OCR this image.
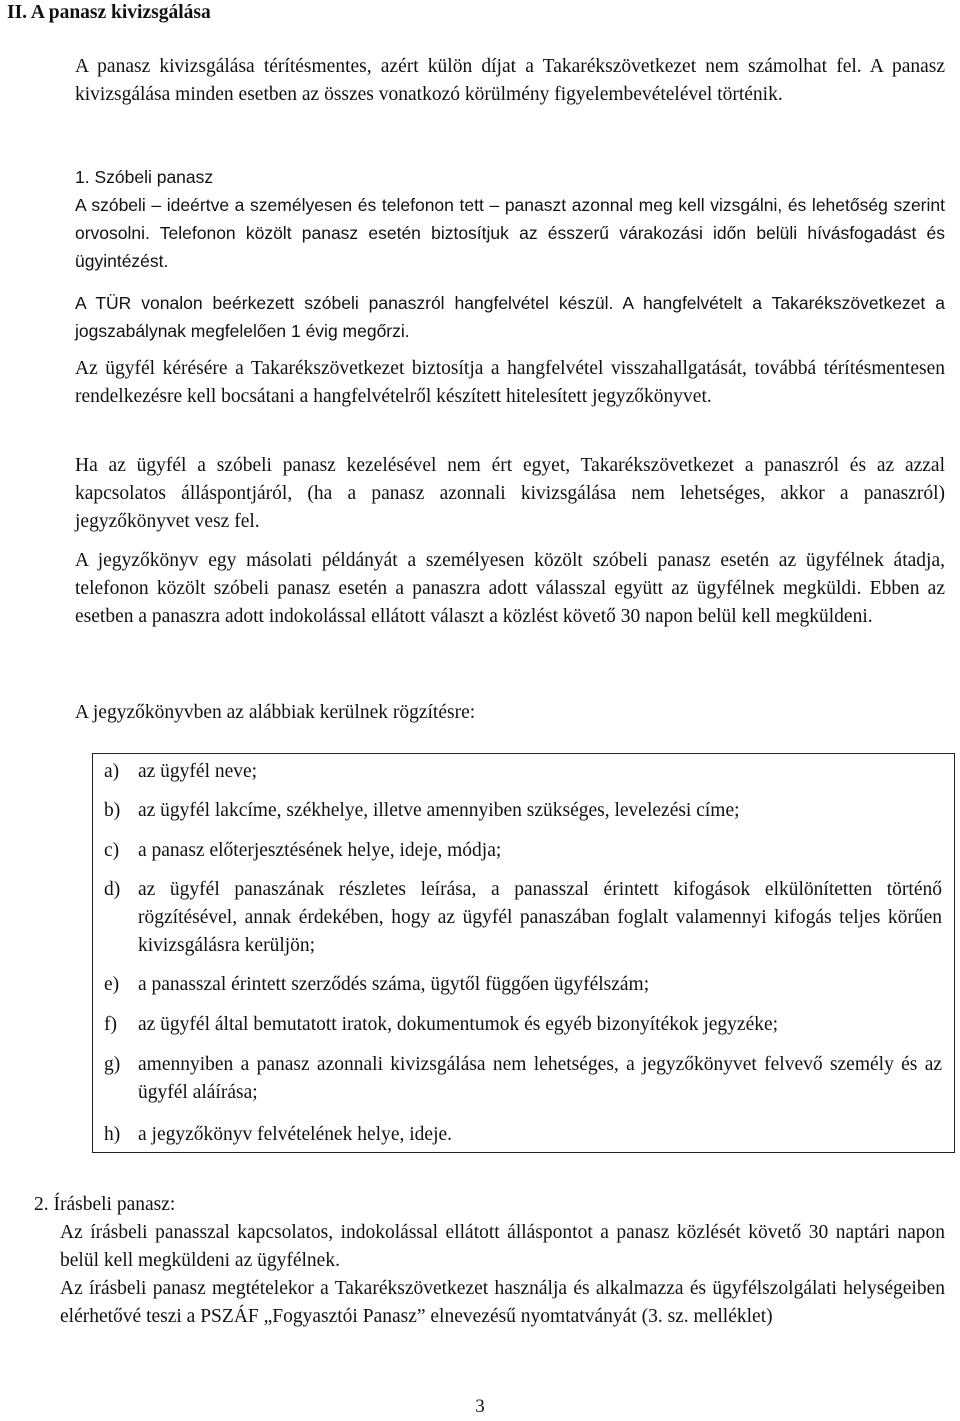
II. A panasz kivizsgálása

A panasz kivizsgálása térítésmentes, azért külön díjat a Takarékszövetkezet nem számolhat fel. A panasz kivizsgálása minden esetben az összes vonatkozó körülmény figyelembevételével történik.

1. Szóbeli panasz

A szóbeli – ideértve a személyesen és telefonon tett – panaszt azonnal meg kell vizsgálni, és lehetőség szerint orvosolni. Telefonon közölt panasz esetén biztosítjuk az ésszerű várakozási időn belüli hívásfogadást és ügyintézést.

A TÜR vonalon beérkezett szóbeli panaszról hangfelvétel készül. A hangfelvételt a Takarékszövetkezet a jogszabálynak megfelelően 1 évig megőrzi.

Az ügyfél kérésére a Takarékszövetkezet biztosítja a hangfelvétel visszahallgatását, továbbá térítésmentesen rendelkezésre kell bocsátani a hangfelvételről készített hitelesített jegyzőkönyvet.

Ha az ügyfél a szóbeli panasz kezelésével nem ért egyet, Takarékszövetkezet a panaszról és az azzal kapcsolatos álláspontjáról, (ha a panasz azonnali kivizsgálása nem lehetséges, akkor a panaszról) jegyzőkönyvet vesz fel.

A jegyzőkönyv egy másolati példányát a személyesen közölt szóbeli panasz esetén az ügyfélnek átadja, telefonon közölt szóbeli panasz esetén a panaszra adott válasszal együtt az ügyfélnek megküldi. Ebben az esetben a panaszra adott indokolással ellátott választ a közlést követő 30 napon belül kell megküldeni.

A jegyzőkönyvben az alábbiak kerülnek rögzítésre:
a) az ügyfél neve;
b) az ügyfél lakcíme, székhelye, illetve amennyiben szükséges, levelezési címe;
c) a panasz előterjesztésének helye, ideje, módja;
d) az ügyfél panaszának részletes leírása, a panasszal érintett kifogások elkülönítetten történő rögzítésével, annak érdekében, hogy az ügyfél panaszában foglalt valamennyi kifogás teljes körűen kivizsgálásra kerüljön;
e) a panasszal érintett szerződés száma, ügytől függően ügyfélszám;
f)	az ügyfél által bemutatott iratok, dokumentumok és egyéb bizonyítékok jegyzéke;
g) amennyiben a panasz azonnali kivizsgálása nem lehetséges, a jegyzőkönyvet felvevő személy és az ügyfél aláírása;
h) a jegyzőkönyv felvételének helye, ideje.
2. Írásbeli panasz:

Az írásbeli panasszal kapcsolatos, indokolással ellátott álláspontot a panasz közlését követő 30 naptári napon belül kell megküldeni az ügyfélnek.

Az írásbeli panasz megtételekor a Takarékszövetkezet használja és alkalmazza és ügyfélszolgálati helységeiben elérhetővé teszi a PSZÁF „Fogyasztói Panasz” elnevezésű nyomtatványát (3. sz. melléklet)

3
